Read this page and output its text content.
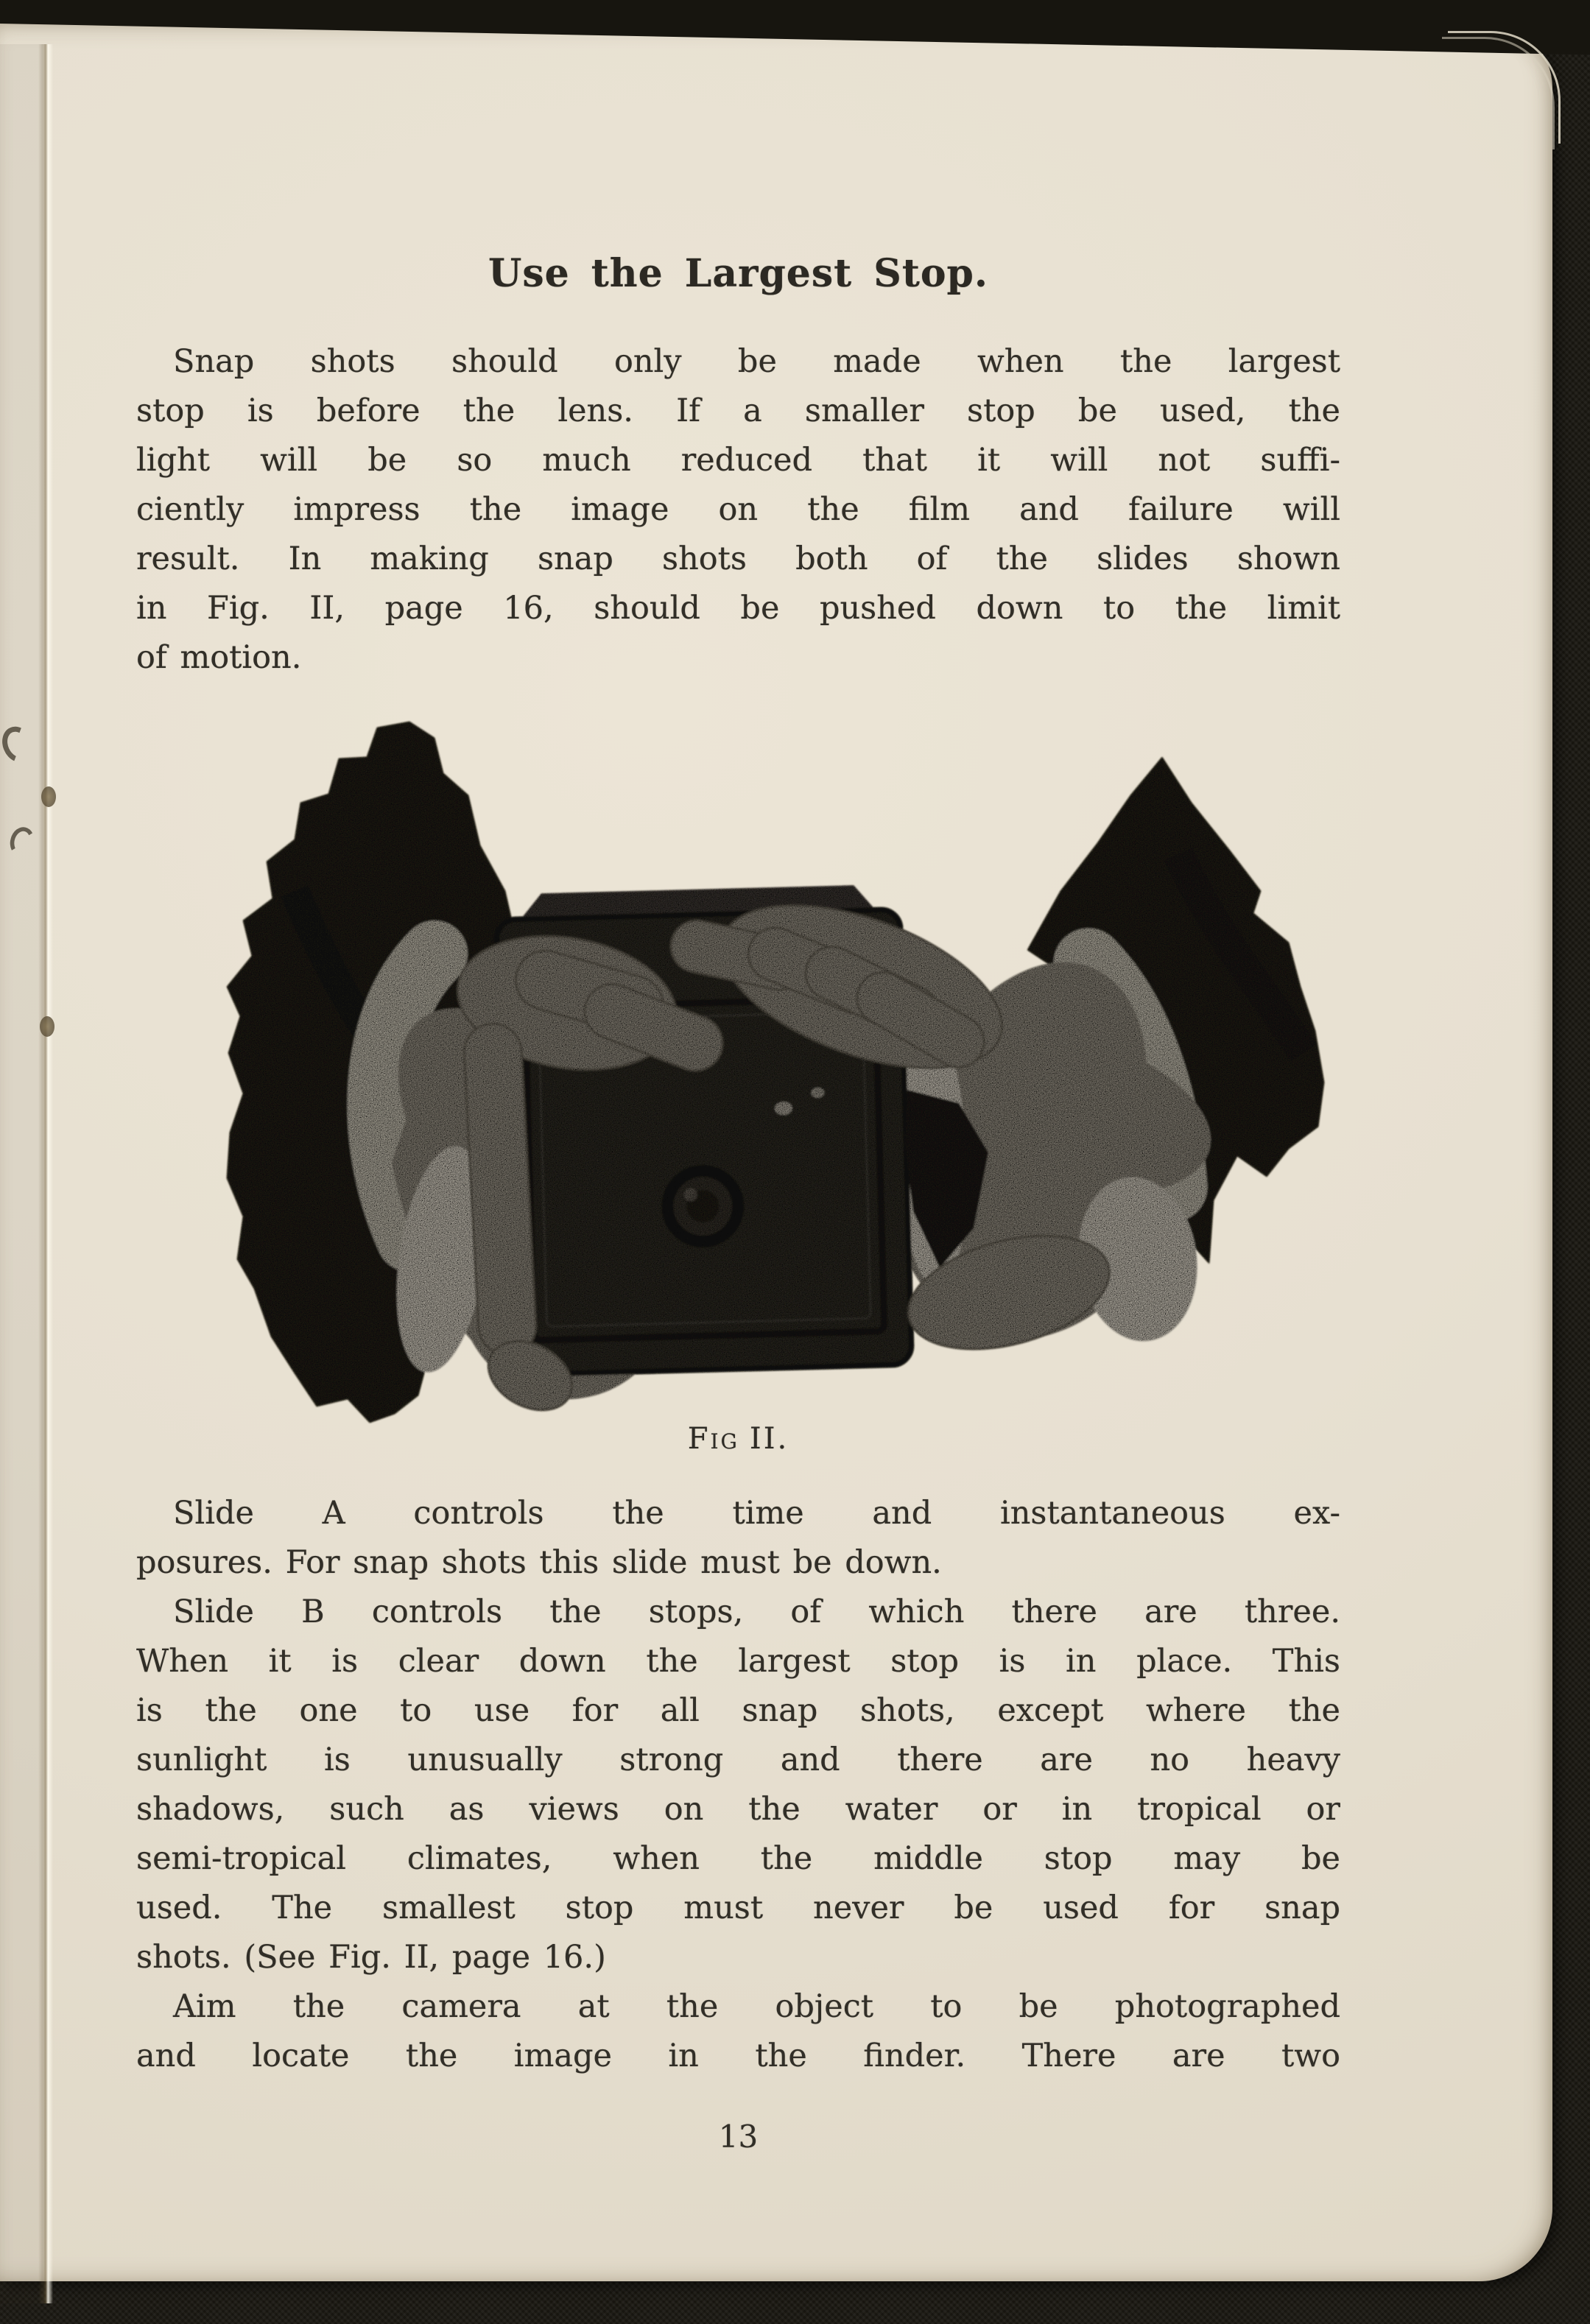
Use the Largest Stop.
Snap shots should only be made when the largest
stop is before the lens. If a smaller stop be used, the
light will be so much reduced that it will not suffi-
ciently impress the image on the film and failure will
result. In making snap shots both of the slides shown
in Fig. II, page 16, should be pushed down to the limit
of motion.
Fig II.
Slide A controls the time and instantaneous ex-
posures. For snap shots this slide must be down.
Slide B controls the stops, of which there are three.
When it is clear down the largest stop is in place. This
is the one to use for all snap shots, except where the
sunlight is unusually strong and there are no heavy
shadows, such as views on the water or in tropical or
semi-tropical climates, when the middle stop may be
used. The smallest stop must never be used for snap
shots. (See Fig. II, page 16.)
Aim the camera at the object to be photographed
and locate the image in the finder. There are two
13
